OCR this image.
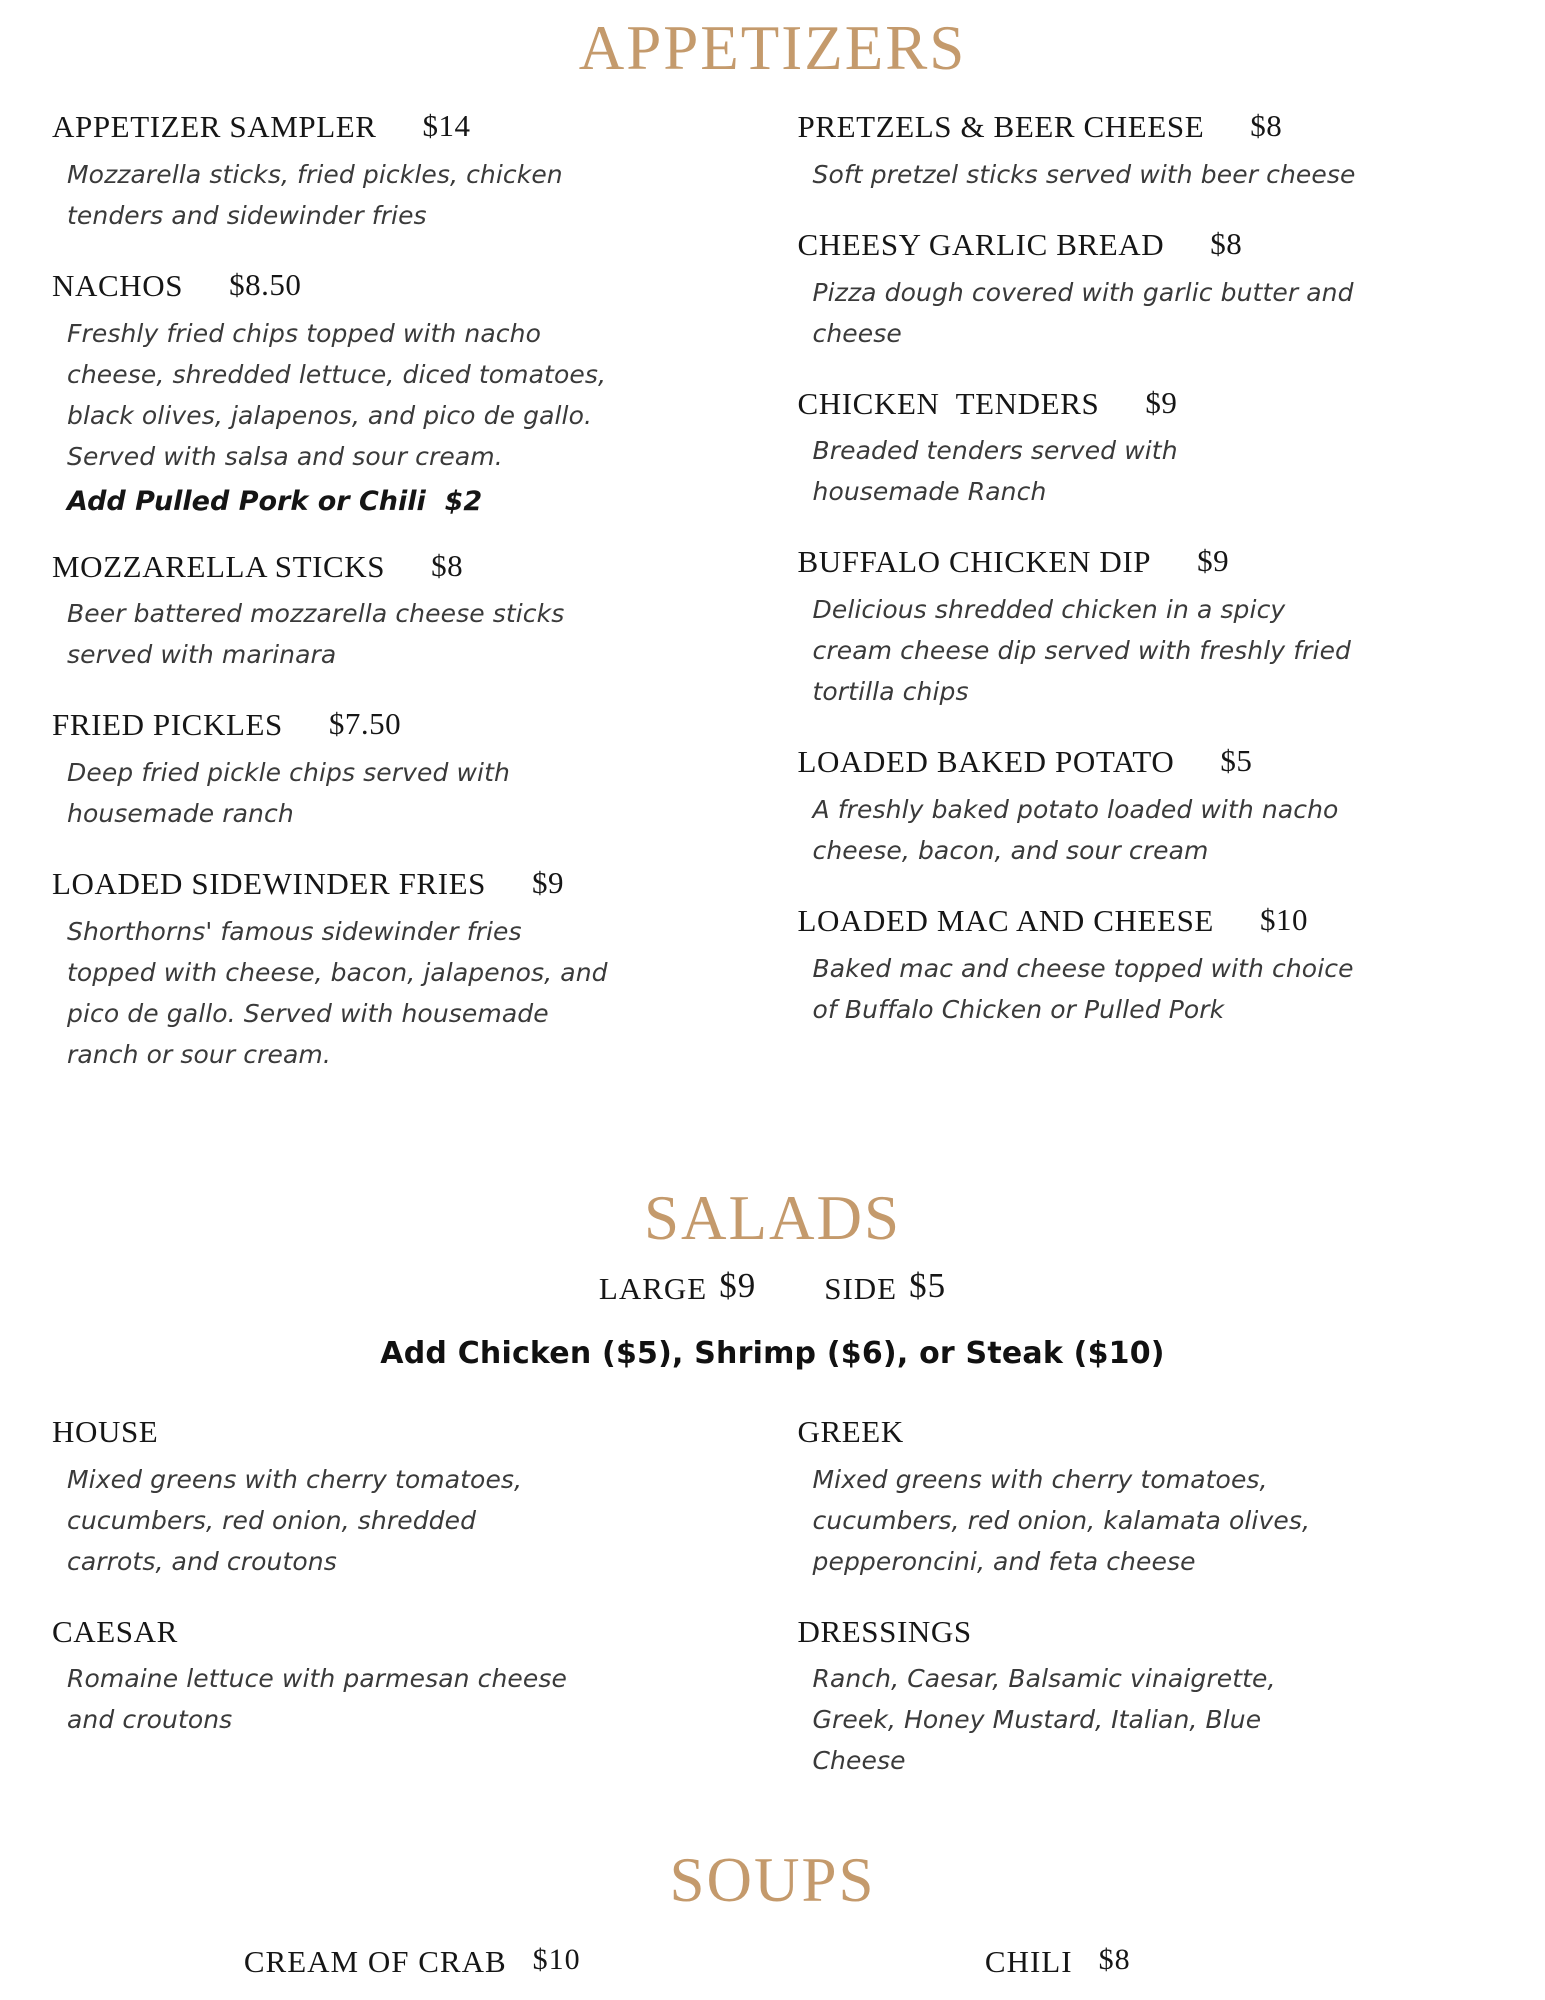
APPETIZERS
APPETIZER SAMPLER $14
Mozzarella sticks, fried pickles, chicken tenders and sidewinder fries
NACHOS $8.50
Freshly fried chips topped with nacho cheese, shredded lettuce, diced tomatoes, black olives, jalapenos, and pico de gallo. Served with salsa and sour cream.
Add Pulled Pork or Chili  $2
MOZZARELLA STICKS $8
Beer battered mozzarella cheese sticks served with marinara
FRIED PICKLES $7.50
Deep fried pickle chips served with housemade ranch
LOADED SIDEWINDER FRIES $9
Shorthorns' famous sidewinder fries topped with cheese, bacon, jalapenos, and pico de gallo. Served with housemade ranch or sour cream.
PRETZELS & BEER CHEESE $8
Soft pretzel sticks served with beer cheese
CHEESY GARLIC BREAD $8
Pizza dough covered with garlic butter and cheese
CHICKEN  TENDERS $9
Breaded tenders served with housemade Ranch
BUFFALO CHICKEN DIP $9
Delicious shredded chicken in a spicy cream cheese dip served with freshly fried tortilla chips
LOADED BAKED POTATO $5
A freshly baked potato loaded with nacho cheese, bacon, and sour cream
LOADED MAC AND CHEESE $10
Baked mac and cheese topped with choice of Buffalo Chicken or Pulled Pork
SALADS
LARGE $9 SIDE $5
Add Chicken ($5), Shrimp ($6), or Steak ($10)
HOUSE
Mixed greens with cherry tomatoes, cucumbers, red onion, shredded carrots, and croutons
CAESAR
Romaine lettuce with parmesan cheese and croutons
GREEK
Mixed greens with cherry tomatoes, cucumbers, red onion, kalamata olives, pepperoncini, and feta cheese
DRESSINGS
Ranch, Caesar, Balsamic vinaigrette, Greek, Honey Mustard, Italian, Blue Cheese
SOUPS
CREAM OF CRAB $10	CHILI $8
